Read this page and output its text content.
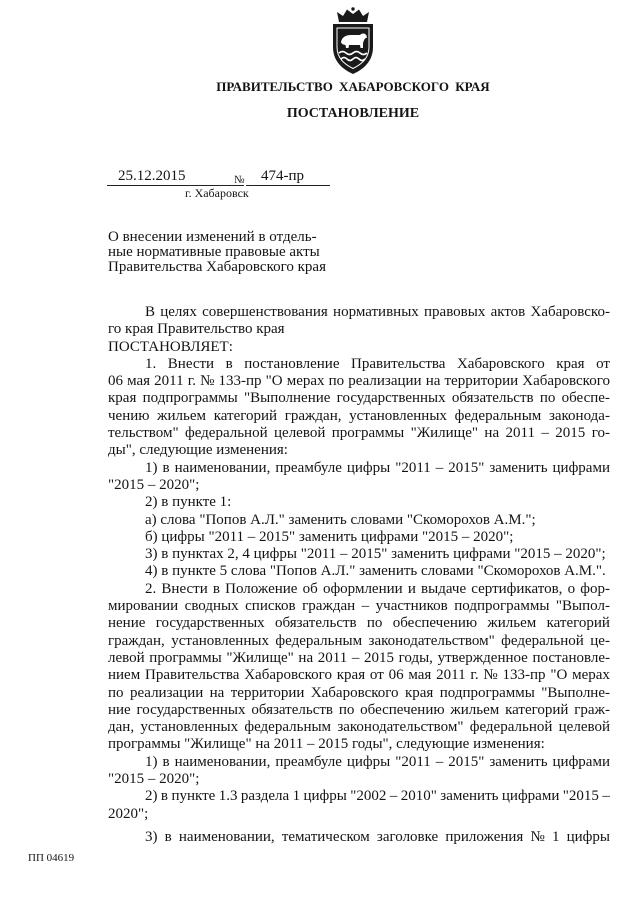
ПРАВИТЕЛЬСТВО ХАБАРОВСКОГО КРАЯ
ПОСТАНОВЛЕНИЕ
25.12.2015	№ 474-пр
г. Хабаровск
О внесении изменений в отдель-
ные нормативные правовые акты
Правительства Хабаровского края
В целях совершенствования нормативных правовых актов Хабаровско-
го края Правительство края
ПОСТАНОВЛЯЕТ:
1. Внести в постановление Правительства Хабаровского края от
06 мая 2011 г. № 133-пр "О мерах по реализации на территории Хабаровского
края подпрограммы "Выполнение государственных обязательств по обеспе-
чению жильем категорий граждан, установленных федеральным законода-
тельством" федеральной целевой программы "Жилище" на 2011 – 2015 го-
ды", следующие изменения:
1) в наименовании, преамбуле цифры "2011 – 2015" заменить цифрами
"2015 – 2020";
2) в пункте 1:
а) слова "Попов А.Л." заменить словами "Скоморохов А.М.";
б) цифры "2011 – 2015" заменить цифрами "2015 – 2020";
3) в пунктах 2, 4 цифры "2011 – 2015" заменить цифрами "2015 – 2020";
4) в пункте 5 слова "Попов А.Л." заменить словами "Скоморохов А.М.".
2. Внести в Положение об оформлении и выдаче сертификатов, о фор-
мировании сводных списков граждан – участников подпрограммы "Выпол-
нение государственных обязательств по обеспечению жильем категорий
граждан, установленных федеральным законодательством" федеральной це-
левой программы "Жилище" на 2011 – 2015 годы, утвержденное постановле-
нием Правительства Хабаровского края от 06 мая 2011 г. № 133-пр "О мерах
по реализации на территории Хабаровского края подпрограммы "Выполне-
ние государственных обязательств по обеспечению жильем категорий граж-
дан, установленных федеральным законодательством" федеральной целевой
программы "Жилище" на 2011 – 2015 годы", следующие изменения:
1) в наименовании, преамбуле цифры "2011 – 2015" заменить цифрами
"2015 – 2020";
2) в пункте 1.3 раздела 1 цифры "2002 – 2010" заменить цифрами "2015 –
2020";
3) в наименовании, тематическом заголовке приложения № 1 цифры
ПП 04619
